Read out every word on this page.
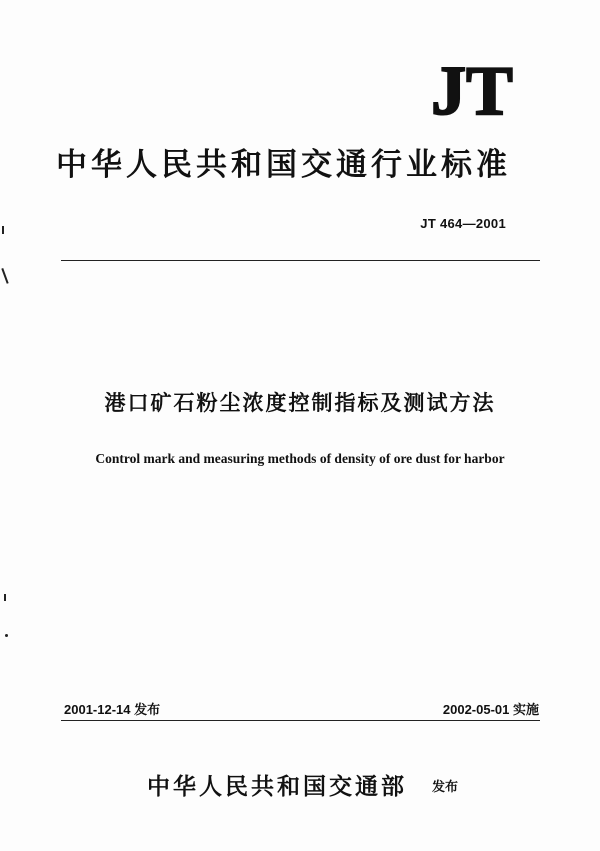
JT
中华人民共和国交通行业标准
JT 464—2001
港口矿石粉尘浓度控制指标及测试方法
Control mark and measuring methods of density of ore dust for harbor
2001-12-14 发布	2002-05-01 实施
中华人民共和国交通部 发布
